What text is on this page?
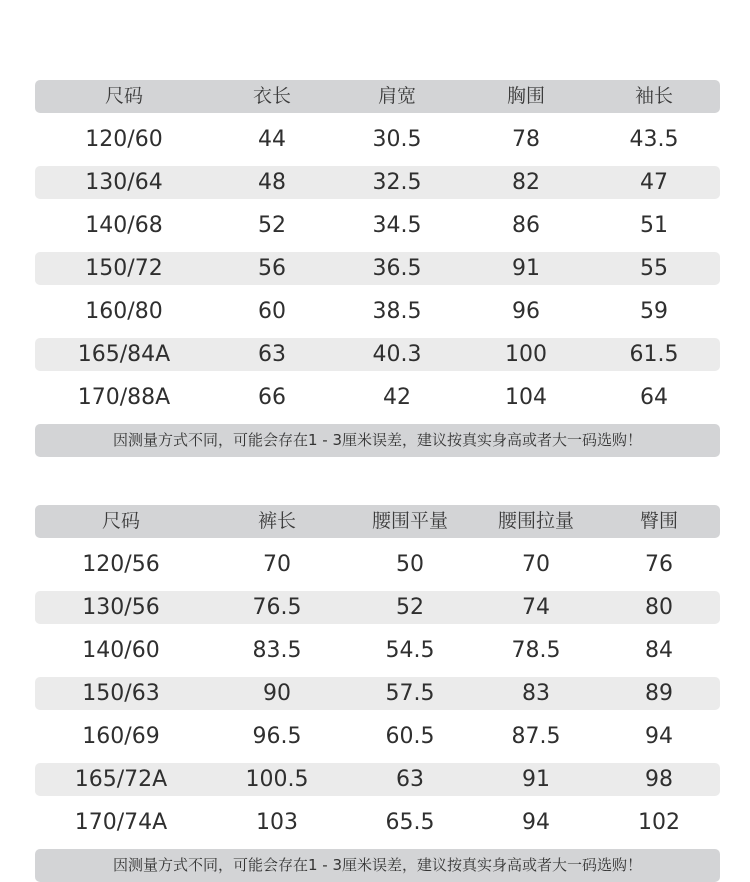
尺码	衣长	肩宽	胸围	袖长
120/60	44	30.5	78	43.5
130/64	48	32.5	82	47
140/68	52	34.5	86	51
150/72	56	36.5	91	55
160/80	60	38.5	96	59
165/84A	63	40.3	100	61.5
170/88A	66	42	104	64
因测量方式不同，可能会存在1 - 3厘米误差，建议按真实身高或者大一码选购！
尺码	裤长	腰围平量	腰围拉量	臀围
120/56	70	50	70	76
130/56	76.5	52	74	80
140/60	83.5	54.5	78.5	84
150/63	90	57.5	83	89
160/69	96.5	60.5	87.5	94
165/72A	100.5	63	91	98
170/74A	103	65.5	94	102
因测量方式不同，可能会存在1 - 3厘米误差，建议按真实身高或者大一码选购！
